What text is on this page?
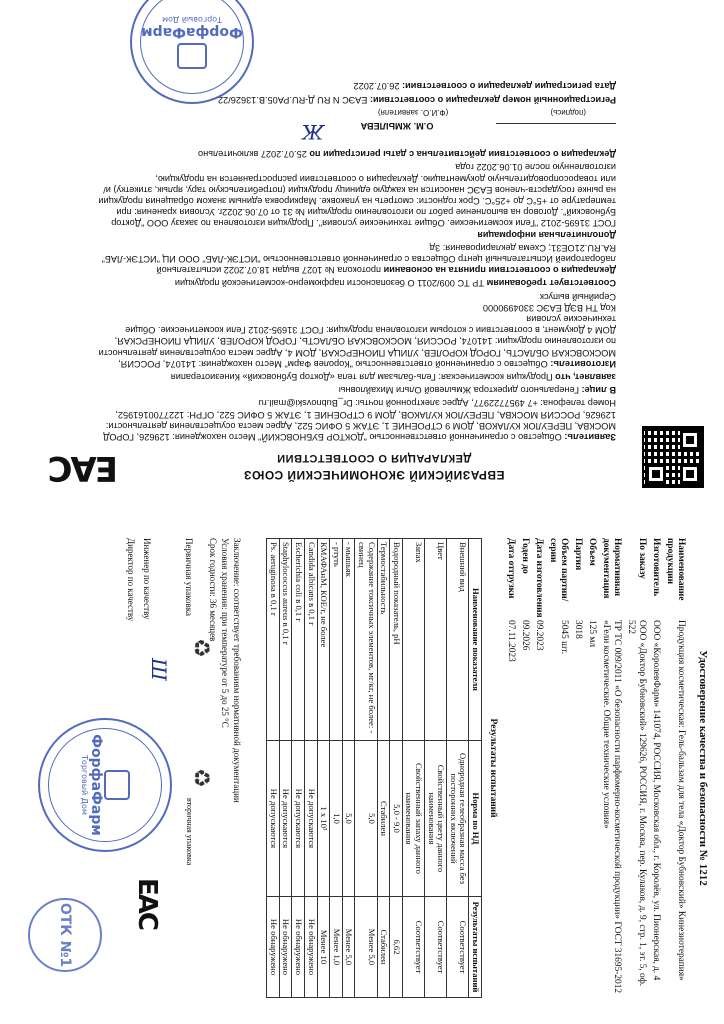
EAC	ЕВРАЗИЙСКИЙ ЭКОНОМИЧЕСКИЙ СОЮЗ
ДЕКЛАРАЦИЯ О СООТВЕТСТВИИ

Заявитель: Общество с ограниченной ответственностью "ДОКТОР БУБНОВСКИЙ" Место нахождения: 129626, ГОРОД МОСКВА, ПЕРЕУЛОК КУЛАКОВ, ДОМ 9 СТРОЕНИЕ 1, ЭТАЖ 5 ОФИС 522, Адрес места осуществления деятельности: 129626, РОССИЯ МОСКВА, ПЕРЕУЛОК КУЛАКОВ, ДОМ 9 СТРОЕНИЕ 1, ЭТАЖ 5 ОФИС 522, ОГРН: 1227700161952, Номер телефона: +7 4957722977, Адрес электронной почты: Dr_Bubnovski@mail.ru

В лице: Генерального директора Жмылевой Ольги Михайловны

заявляет, что Продукция косметическая: Гель-бальзам для тела «Доктор Бубновский» Кинезиотерапия

Изготовитель: Общество с ограниченной ответственностью "Королев Фарм" Место нахождения: 141074, РОССИЯ, МОСКОВСКАЯ ОБЛАСТЬ, ГОРОД КОРОЛЕВ, УЛИЦА ПИОНЕРСКАЯ, ДОМ 4, Адрес места осуществления деятельности по изготовлению продукции: 141074, РОССИЯ, МОСКОВСКАЯ ОБЛАСТЬ, ГОРОД КОРОЛЕВ, УЛИЦА ПИОНЕРСКАЯ, ДОМ 4 Документ, в соответствии с которым изготовлена продукция: ГОСТ 31695-2012 Гели косметические. Общие технические условия
Код ТН ВЭД ЕАЭС 3304990000
Серийный выпуск

Соответствует требованиям ТР ТС 009/2011 О безопасности парфюмерно-косметической продукции

Декларация о соответствии принята на основании протокола № 1027 выдан 18.07.2022 испытательной лабораторией Испытательный центр Общества с ограниченной ответственностью "ИСТЭК-ЛАБ" ООО ИЦ "ИСТЭК-ЛАБ" RA.RU.21ОЕ31; Схема декларирования: 3д

Дополнительная информация
ГОСТ 31695-2012 "Гели косметические. Общие технические условия". Продукция изготовлена по заказу ООО "Доктор Бубновский". Договор на выполнение работ по изготовлению продукции № 31 от 07.06.2022г. Условия хранения: при температуре от +5°С до +25°С. Срок годности: смотреть на упаковке. Маркировка единым знаком обращения продукции на рынке государств-членов ЕАЭС наносится на каждую единицу продукции (потребительскую тару, ярлык, этикетку) и/или товаросопроводительную документацию. Декларация о соответствии распространяется на продукцию, изготовленную после 01.06.2022 года

Декларация о соответствии действительна с даты регистрации по 25.07.2027 включительно

О.М. ЖМЫЛЕВА

(подпись) (Ф.И.О. заявителя)

Регистрационный номер декларации о соответствии: ЕАЭС N RU Д-RU.РА05.В.13626/22

Дата регистрации декларации о соответствии: 26.07.2022

ФорфаФарм
Торговый Дом
Ж
Удостоверение качества и безопасности № 1212
Наименование продукции
Продукция косметическая: Гель-бальзам для тела «Доктор Бубновский» Кинезиотерапия»
Изготовитель
ООО «КоролевФарм» 141074, РОССИЯ, Московская обл., г. Королёв, ул. Пионерская, д. 4
По заказу
ООО «Доктор Бубновский» 129626, РОССИЯ, г. Москва, пер. Кулаков, д. 9, стр. 1, эт. 5, оф. 522
Нормативная документация
ТР ТС 009/2011 «О безопасности парфюмерно-косметической продукции» ГОСТ 31695-2012 «Гели косметические. Общие технические условия»
Объем
125 мл
Партия
3018
Объем партии/серии
5045 шт.
Дата изготовления
09.2023
Годен до
09.2026
Дата отгрузки
07.11.2023
Результаты испытаний
Наименование показателя	Норма по НД	Результаты испытаний
Внешний вид	Однородная гелеобразная масса без посторонних включений	Соответствует
Цвет	Свойственный цвету данного наименования	Соответствует
Запах	Свойственный запаху данного наименования	Соответствует
Водородный показатель, pH	5,0 - 9,0	6,62
Термостабильность	Стабилен	Стабилен
Содержание токсичных элементов, мг/кг, не более: - свинец	5,0	Менее 5,0
- мышьяк	5,0	Менее 5,0
- ртуть	1,0	Менее 1,0
КМАФАнМ, КОЕ/г, не более	1 х 10³	Менее 10
Candida albicans в 0,1 г	Не допускаются	Не обнаружено
Escherichia coli в 0,1 г	Не допускаются	Не обнаружено
Staphylococcus aureus в 0,1 г	Не допускаются	Не обнаружено
Ps. aeruginosa в 0,1 г	Не допускаются	Не обнаружено
Заключение: соответствует требованиям нормативной документации
Условия хранения: при температуре от 5 до 25 °С
Срок годности: 36 месяцев
Первичная упаковка
вторичная упаковка
♻
♻
Инженер по качеству
Директор по качеству
Ш
ФорфаФарм
Торговый Дом
EAC
ОТК №1
